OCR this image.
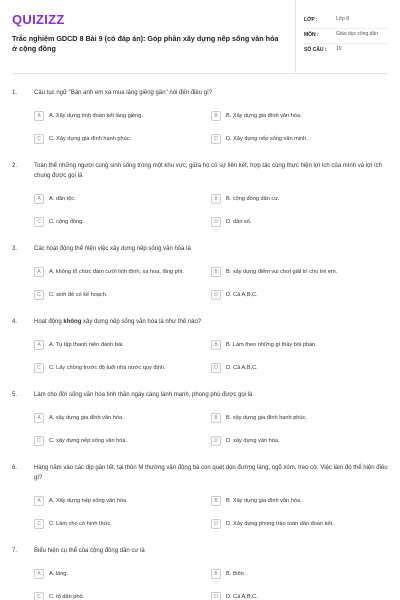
QUIZIZZ
Trắc nghiệm GDCD 8 Bài 9 (có đáp án): Góp phần xây dựng nếp sống văn hóa ở cộng đồng
LỚP :	Lớp 8
MÔN :	Giáo dục công dân
SỐ CÂU :	10
1.	Câu tục ngữ "Bán anh em xa mua láng giềng gần" nói đến điều gì?
A	A. Xây dựng tình đoàn kết láng giềng.	B	B. Xây dựng gia đình văn hóa.
C	C. Xây dựng gia đình hạnh phúc.	D	D. Xây dựng nếp sống văn minh.
2.	Toàn thể những người cùng sinh sống trong một khu vực, giữa họ có sự liên kết, hợp tác cùng thực hiện lợi ích của mình và lợi ích chung được gọi là
A	A. dân tộc.	B	B. cộng đồng dân cư.
C	C. cộng đồng.	D	D. dân số.
3.	Các hoạt động thể hiện việc xây dựng nếp sống văn hóa là
A	A. không tổ chức đám cưới linh đình, xa hoa, lãng phí.	B	B. xây dựng điểm vui chơi giải trí cho trẻ em.
C	C. sinh đẻ có kế hoạch.	D	D. Cả A,B,C.
4.	Hoạt động không xây dựng nếp sống văn hóa là như thế nào?
A	A. Tụ tập thanh niên đánh bài.	B	B. Làm theo những gì thầy bói phán.
C	C. Lấy chồng trước độ tuổi nhà nước quy định.	D	D. Cả A,B,C.
5.	Làm cho đời sống văn hóa tinh thần ngày càng lành mạnh, phong phú được gọi là
A	A. xây dựng gia đình văn hóa.	B	B. xây dựng gia đình hạnh phúc.
C	C. xây dựng nếp sống văn hóa.	D	D. xây dựng văn hóa.
6.	Hàng năm vào các dịp gần tết, tại thôn M thường vận động bà con quét dọn đường làng, ngõ xóm, treo cờ. Việc làm đó thể hiện điều gì?
A	A. Xây dựng nếp sống văn hóa.	B	B. Xây dựng gia đình văn hóa.
C	C. Làm cho có hình thức.	D	D. Xây dựng phong trào toàn dân đoàn kết.
7.	Biểu hiện cụ thể của cộng đồng dân cư là
A	A. làng.	B	B. thôn.
C	C. tổ dân phố.	D	D. Cả A,B,C.
